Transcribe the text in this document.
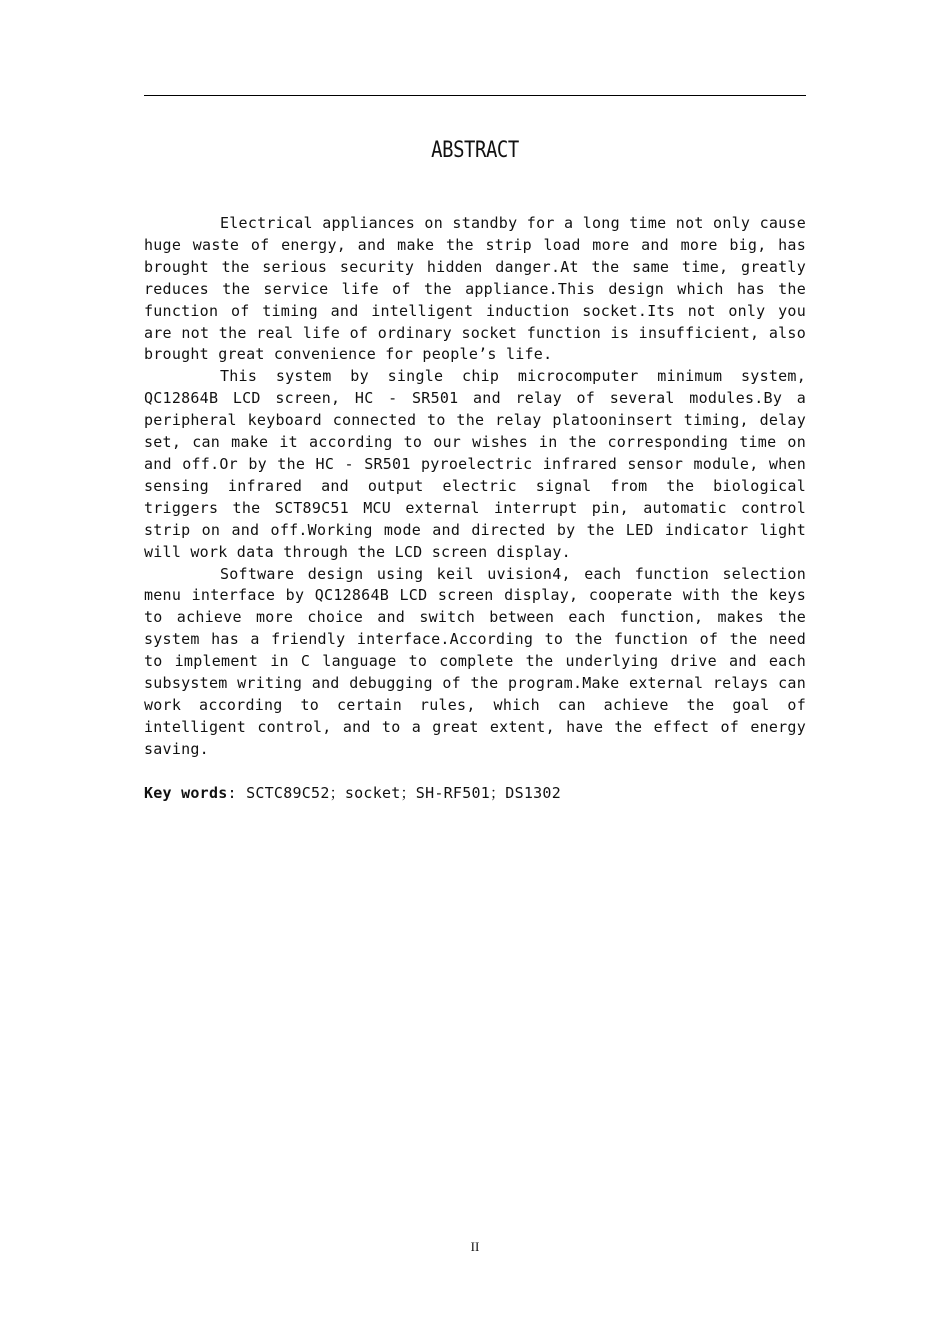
ABSTRACT

Electrical appliances on standby for a long time not only cause huge waste of energy, and make the strip load more and more big, has brought the serious security hidden danger.At the same time, greatly reduces the service life of the appliance.This design which has the function of timing and intelligent induction socket.Its not only you are not the real life of ordinary socket function is insufficient, also brought great convenience for people’s life.

This system by single chip microcomputer minimum system, QC12864B LCD screen, HC - SR501 and relay of several modules.By a peripheral keyboard connected to the relay platooninsert timing, delay set, can make it according to our wishes in the corresponding time on and off.Or by the HC - SR501 pyroelectric infrared sensor module, when sensing infrared and output electric signal from the biological triggers the SCT89C51 MCU external interrupt pin, automatic control strip on and off.Working mode and directed by the LED indicator light will work data through the LCD screen display.

Software design using keil uvision4, each function selection menu interface by QC12864B LCD screen display, cooperate with the keys to achieve more choice and switch between each function, makes the system has a friendly interface.According to the function of the need to implement in C language to complete the underlying drive and each subsystem writing and debugging of the program.Make external relays can work according to certain rules, which can achieve the goal of intelligent control, and to a great extent, have the effect of energy saving.

Key words: SCTC89C52；socket；SH-RF501；DS1302
II
